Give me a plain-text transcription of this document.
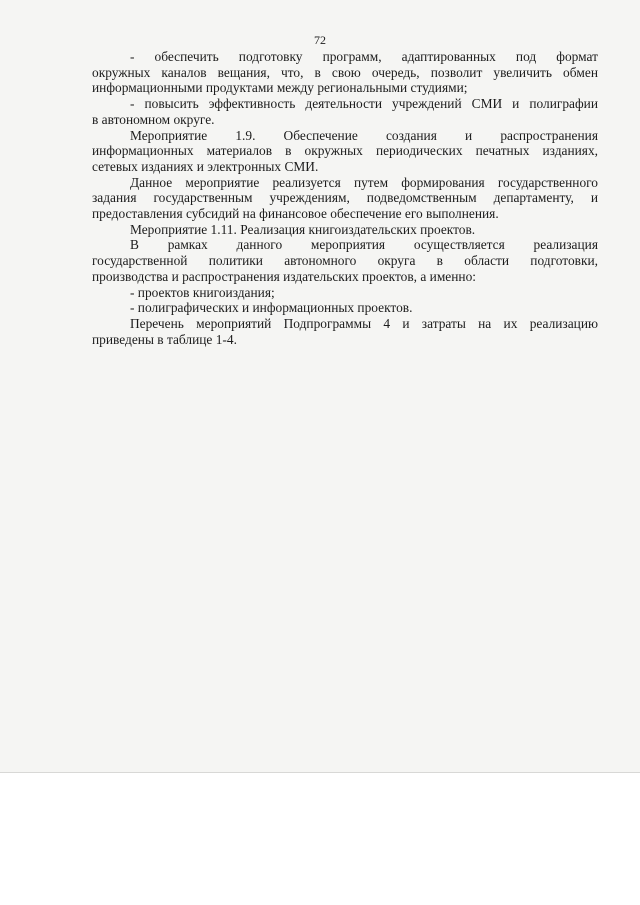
72
- обеспечить подготовку программ, адаптированных под формат
окружных каналов вещания, что, в свою очередь, позволит увеличить обмен
информационными продуктами между региональными студиями;
- повысить эффективность деятельности учреждений СМИ и полиграфии
в автономном округе.
Мероприятие 1.9. Обеспечение создания и распространения
информационных материалов в окружных периодических печатных изданиях,
сетевых изданиях и электронных СМИ.
Данное мероприятие реализуется путем формирования государственного
задания государственным учреждениям, подведомственным департаменту, и
предоставления субсидий на финансовое обеспечение его выполнения.
Мероприятие 1.11. Реализация книгоиздательских проектов.
В рамках данного мероприятия осуществляется реализация
государственной политики автономного округа в области подготовки,
производства и распространения издательских проектов, а именно:
- проектов книгоиздания;
- полиграфических и информационных проектов.
Перечень мероприятий Подпрограммы 4 и затраты на их реализацию
приведены в таблице 1-4.
